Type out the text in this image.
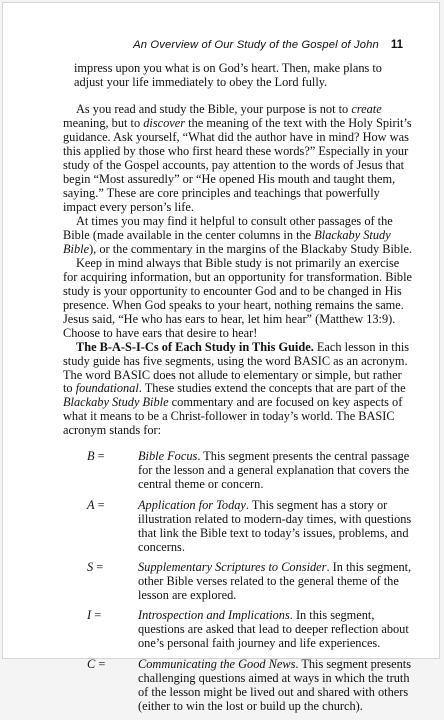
An Overview of Our Study of the Gospel of John 11

impress upon you what is on God’s heart. Then, make plans to adjust your life immediately to obey the Lord fully.

As you read and study the Bible, your purpose is not to create meaning, but to discover the meaning of the text with the Holy Spirit’s guidance. Ask yourself, “What did the author have in mind? How was this applied by those who first heard these words?” Especially in your study of the Gospel accounts, pay attention to the words of Jesus that begin “Most assuredly” or “He opened His mouth and taught them, saying.” These are core principles and teachings that powerfully impact every person’s life.

At times you may find it helpful to consult other passages of the Bible (made available in the center columns in the Blackaby Study Bible), or the commentary in the margins of the Blackaby Study Bible.

Keep in mind always that Bible study is not primarily an exercise for acquiring information, but an opportunity for transformation. Bible study is your opportunity to encounter God and to be changed in His presence. When God speaks to your heart, nothing remains the same. Jesus said, “He who has ears to hear, let him hear” (Matthew 13:9). Choose to have ears that desire to hear!

The B-A-S-I-Cs of Each Study in This Guide. Each lesson in this study guide has five segments, using the word BASIC as an acronym. The word BASIC does not allude to elementary or simple, but rather to foundational. These studies extend the concepts that are part of the Blackaby Study Bible commentary and are focused on key aspects of what it means to be a Christ-follower in today’s world. The BASIC acronym stands for:

B = Bible Focus. This segment presents the central passage for the lesson and a general explanation that covers the central theme or concern.
A = Application for Today. This segment has a story or illustration related to modern-day times, with questions that link the Bible text to today’s issues, problems, and concerns.
S =	Supplementary Scriptures to Consider. In this segment, other Bible verses related to the general theme of the lesson are explored.
I =	Introspection and Implications. In this segment, questions are asked that lead to deeper reflection about one’s personal faith journey and life experiences.
C = Communicating the Good News. This segment presents challenging questions aimed at ways in which the truth of the lesson might be lived out and shared with others (either to win the lost or build up the church).
